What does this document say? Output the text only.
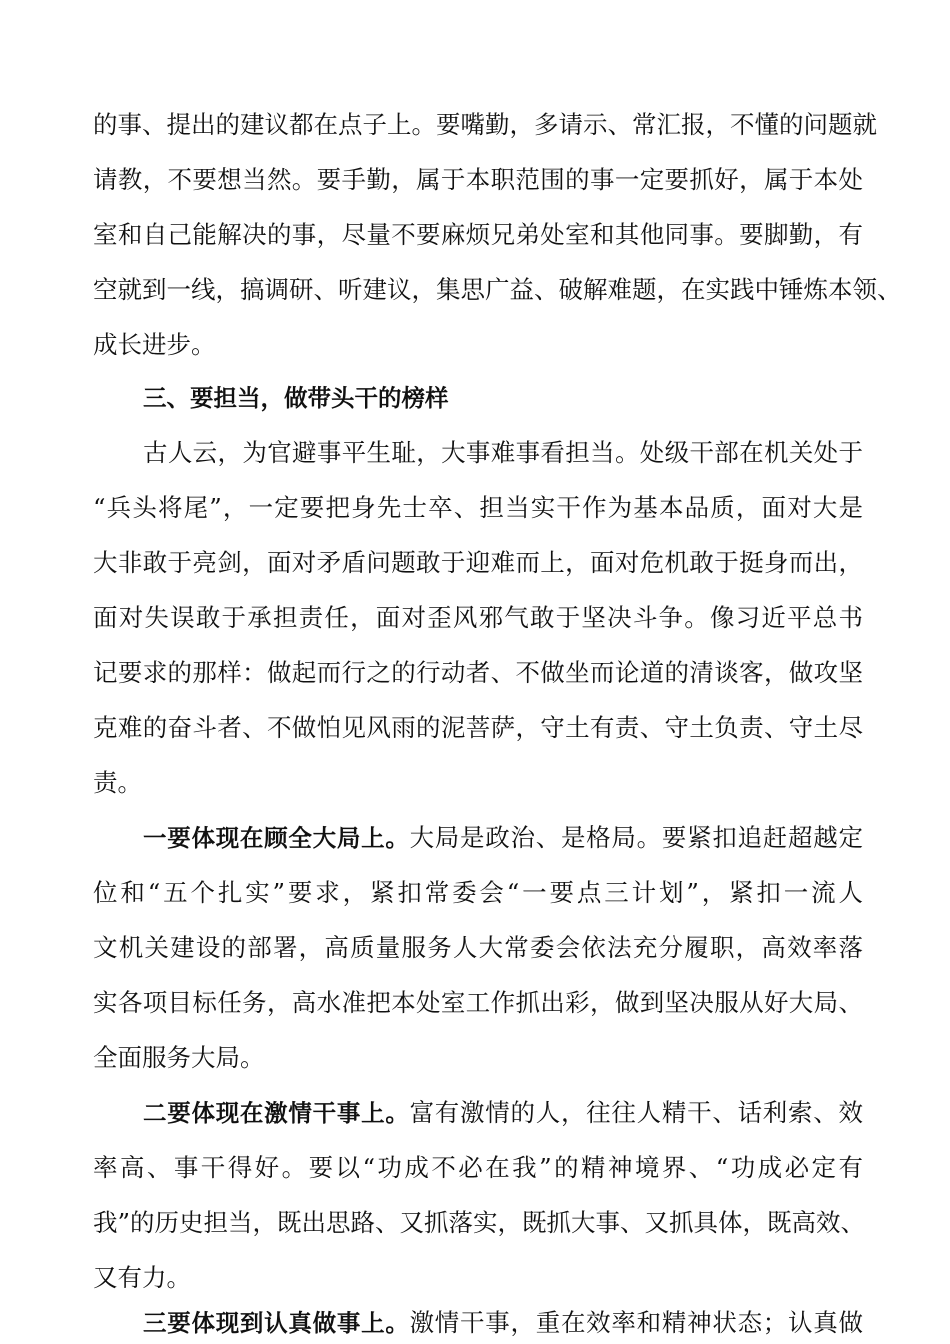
的事、提出的建议都在点子上。要嘴勤，多请示、常汇报，不懂的问题就
请教，不要想当然。要手勤，属于本职范围的事一定要抓好，属于本处
室和自己能解决的事，尽量不要麻烦兄弟处室和其他同事。要脚勤，有
空就到一线，搞调研、听建议，集思广益、破解难题，在实践中锤炼本领、
成长进步。
三、要担当，做带头干的榜样
古人云，为官避事平生耻，大事难事看担当。处级干部在机关处于
“兵头将尾”，一定要把身先士卒、担当实干作为基本品质，面对大是
大非敢于亮剑，面对矛盾问题敢于迎难而上，面对危机敢于挺身而出，
面对失误敢于承担责任，面对歪风邪气敢于坚决斗争。像习近平总书
记要求的那样：做起而行之的行动者、不做坐而论道的清谈客，做攻坚
克难的奋斗者、不做怕见风雨的泥菩萨，守土有责、守土负责、守土尽
责。
一要体现在顾全大局上。大局是政治、是格局。要紧扣追赶超越定
位和“五个扎实”要求，紧扣常委会“一要点三计划”，紧扣一流人
文机关建设的部署，高质量服务人大常委会依法充分履职，高效率落
实各项目标任务，高水准把本处室工作抓出彩，做到坚决服从好大局、
全面服务大局。
二要体现在激情干事上。富有激情的人，往往人精干、话利索、效
率高、事干得好。要以“功成不必在我”的精神境界、“功成必定有
我”的历史担当，既出思路、又抓落实，既抓大事、又抓具体，既高效、
又有力。
三要体现到认真做事上。激情干事，重在效率和精神状态；认真做
